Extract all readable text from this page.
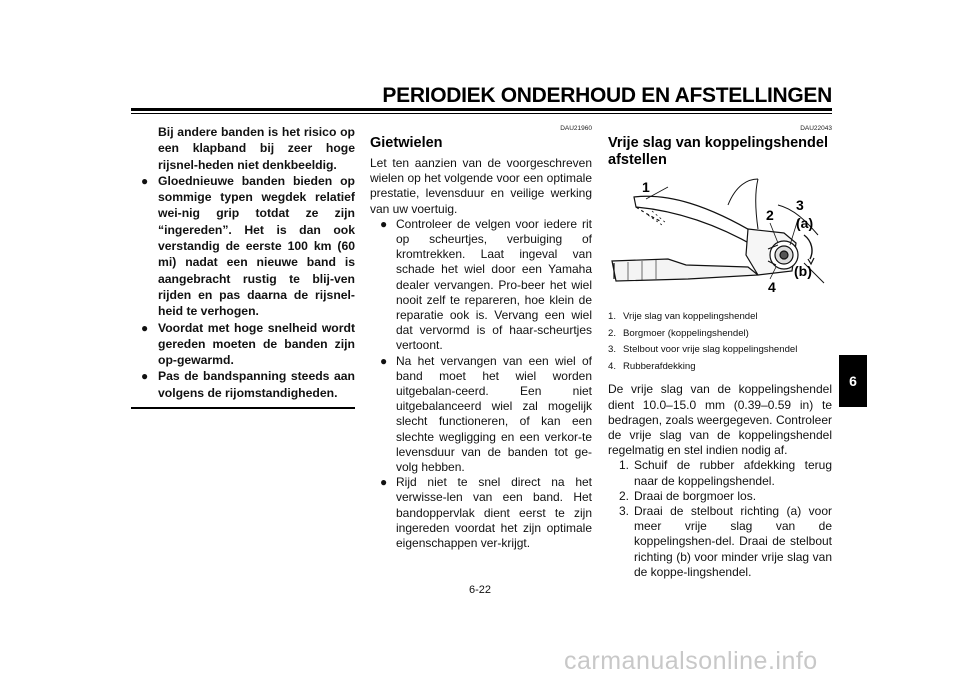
PERIODIEK ONDERHOUD EN AFSTELLINGEN
Bij andere banden is het risico op een klapband bij zeer hoge rijsnel-heden niet denkbeeldig.
● Gloednieuwe banden bieden op sommige typen wegdek relatief wei-nig grip totdat ze zijn “ingereden”. Het is dan ook verstandig de eerste 100 km (60 mi) nadat een nieuwe band is aangebracht rustig te blij-ven rijden en pas daarna de rijsnel-heid te verhogen.
● Voordat met hoge snelheid wordt gereden moeten de banden zijn op-gewarmd.
● Pas de bandspanning steeds aan volgens de rijomstandigheden.
DAU21960
Gietwielen
Let ten aanzien van de voorgeschreven wielen op het volgende voor een optimale prestatie, levensduur en veilige werking van uw voertuig.
● Controleer de velgen voor iedere rit op scheurtjes, verbuiging of kromtrekken. Laat ingeval van schade het wiel door een Yamaha dealer vervangen. Pro-beer het wiel nooit zelf te repareren, hoe klein de reparatie ook is. Vervang een wiel dat vervormd is of haar-scheurtjes vertoont.
● Na het vervangen van een wiel of band moet het wiel worden uitgebalan-ceerd. Een niet uitgebalanceerd wiel zal mogelijk slecht functioneren, of kan een slechte wegligging en een verkor-te levensduur van de banden tot ge-volg hebben.
● Rijd niet te snel direct na het verwisse-len van een band. Het bandoppervlak dient eerst te zijn ingereden voordat het zijn optimale eigenschappen ver-krijgt.
DAU22043
Vrije slag van koppelingshendel afstellen
1
2
3
(a)
4
(b)
1. Vrije slag van koppelingshendel
2. Borgmoer (koppelingshendel)
3. Stelbout voor vrije slag koppelingshendel
4. Rubberafdekking
De vrije slag van de koppelingshendel dient 10.0–15.0 mm (0.39–0.59 in) te bedragen, zoals weergegeven. Controleer de vrije slag van de koppelingshendel regelmatig en stel indien nodig af.
1. Schuif de rubber afdekking terug naar de koppelingshendel.
2. Draai de borgmoer los.
3. Draai de stelbout richting (a) voor meer vrije slag van de koppelingshen-del. Draai de stelbout richting (b) voor minder vrije slag van de koppe-lingshendel.
6-22
6
carmanualsonline.info
